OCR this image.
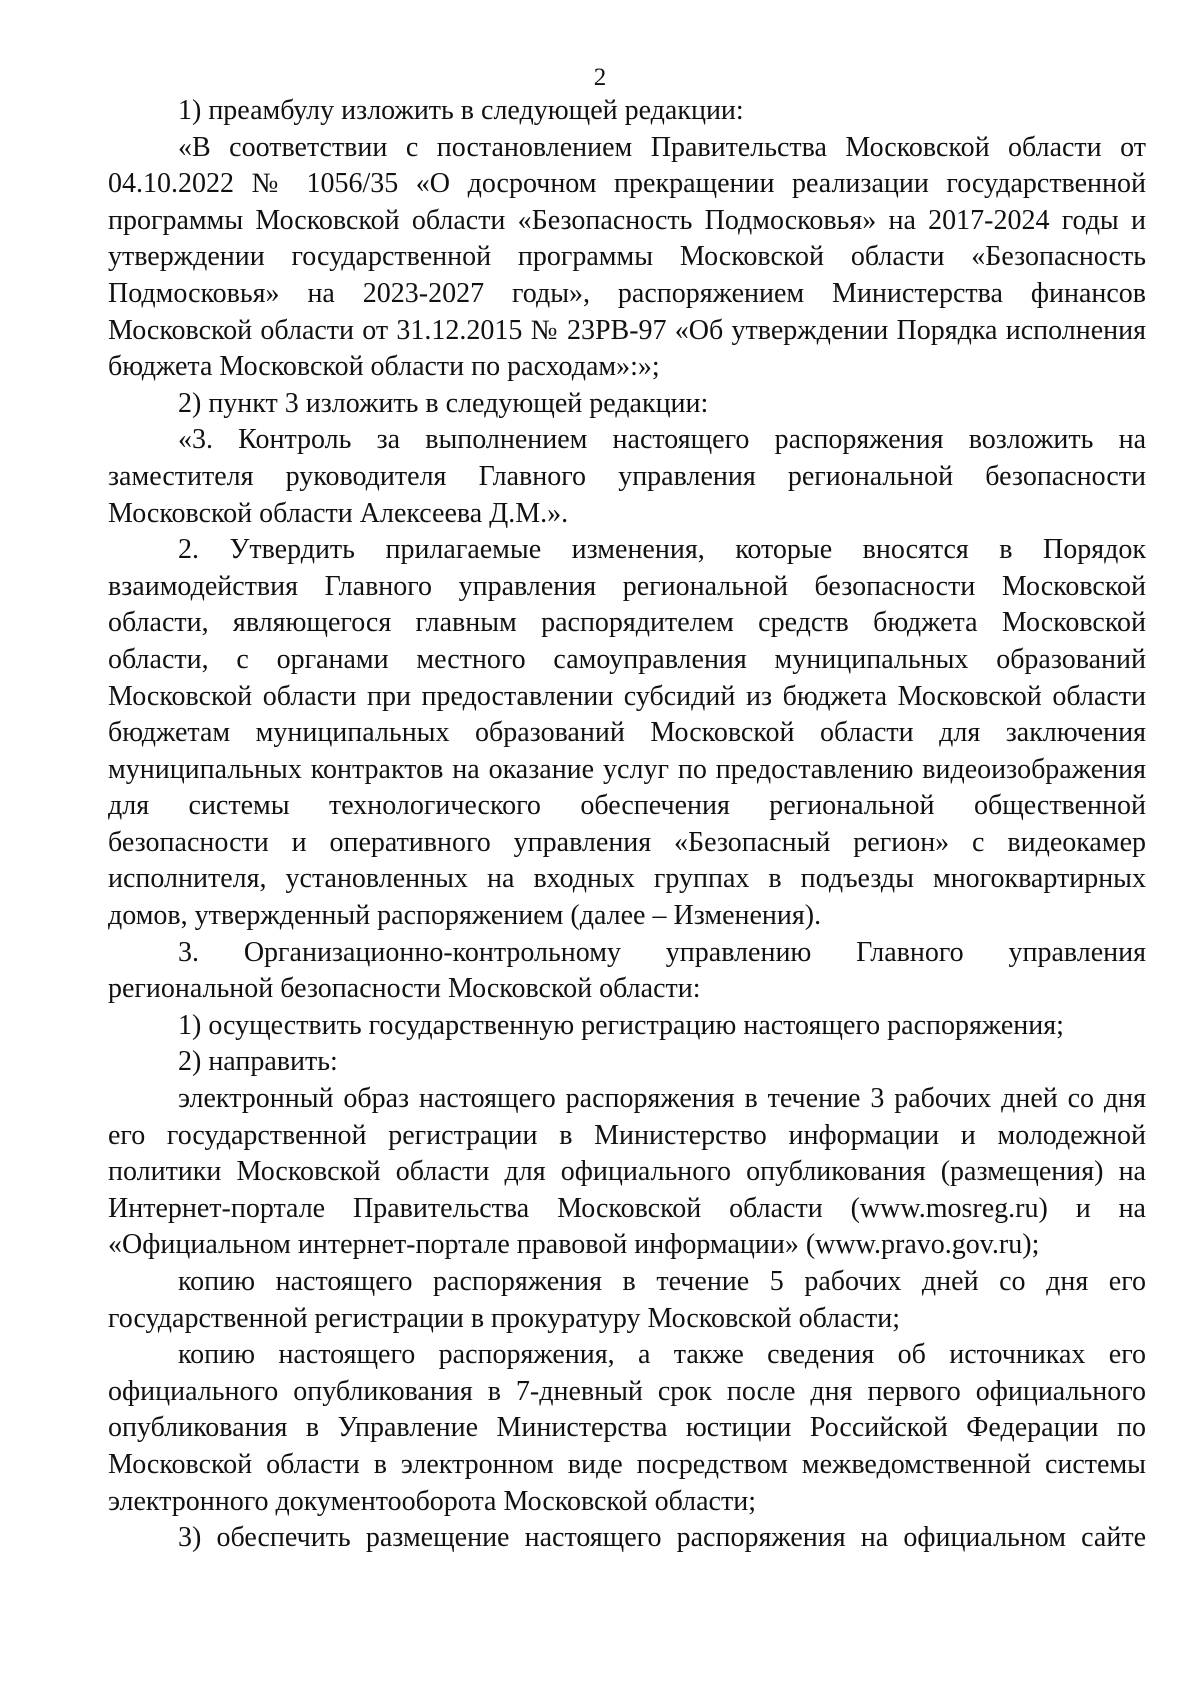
2

1) преамбулу изложить в следующей редакции:

«В соответствии с постановлением Правительства Московской области от 04.10.2022 № 1056/35 «О досрочном прекращении реализации государственной программы Московской области «Безопасность Подмосковья» на 2017-2024 годы и утверждении государственной программы Московской области «Безопасность Подмосковья» на 2023-2027 годы», распоряжением Министерства финансов Московской области от 31.12.2015 № 23РВ-97 «Об утверждении Порядка исполнения бюджета Московской области по расходам»:»;

2) пункт 3 изложить в следующей редакции:

«3. Контроль за выполнением настоящего распоряжения возложить на заместителя руководителя Главного управления региональной безопасности Московской области Алексеева Д.М.».

2. Утвердить прилагаемые изменения, которые вносятся в Порядок взаимодействия Главного управления региональной безопасности Московской области, являющегося главным распорядителем средств бюджета Московской области, с органами местного самоуправления муниципальных образований Московской области при предоставлении субсидий из бюджета Московской области бюджетам муниципальных образований Московской области для заключения муниципальных контрактов на оказание услуг по предоставлению видеоизображения для системы технологического обеспечения региональной общественной безопасности и оперативного управления «Безопасный регион» с видеокамер исполнителя, установленных на входных группах в подъезды многоквартирных домов, утвержденный распоряжением (далее – Изменения).

3. Организационно-контрольному управлению Главного управления региональной безопасности Московской области:

1) осуществить государственную регистрацию настоящего распоряжения;

2) направить:

электронный образ настоящего распоряжения в течение 3 рабочих дней со дня его государственной регистрации в Министерство информации и молодежной политики Московской области для официального опубликования (размещения) на Интернет-портале Правительства Московской области (www.mosreg.ru) и на «Официальном интернет-портале правовой информации» (www.pravo.gov.ru);

копию настоящего распоряжения в течение 5 рабочих дней со дня его государственной регистрации в прокуратуру Московской области;

копию настоящего распоряжения, а также сведения об источниках его официального опубликования в 7-дневный срок после дня первого официального опубликования в Управление Министерства юстиции Российской Федерации по Московской области в электронном виде посредством межведомственной системы электронного документооборота Московской области;

3) обеспечить размещение настоящего распоряжения на официальном сайте
